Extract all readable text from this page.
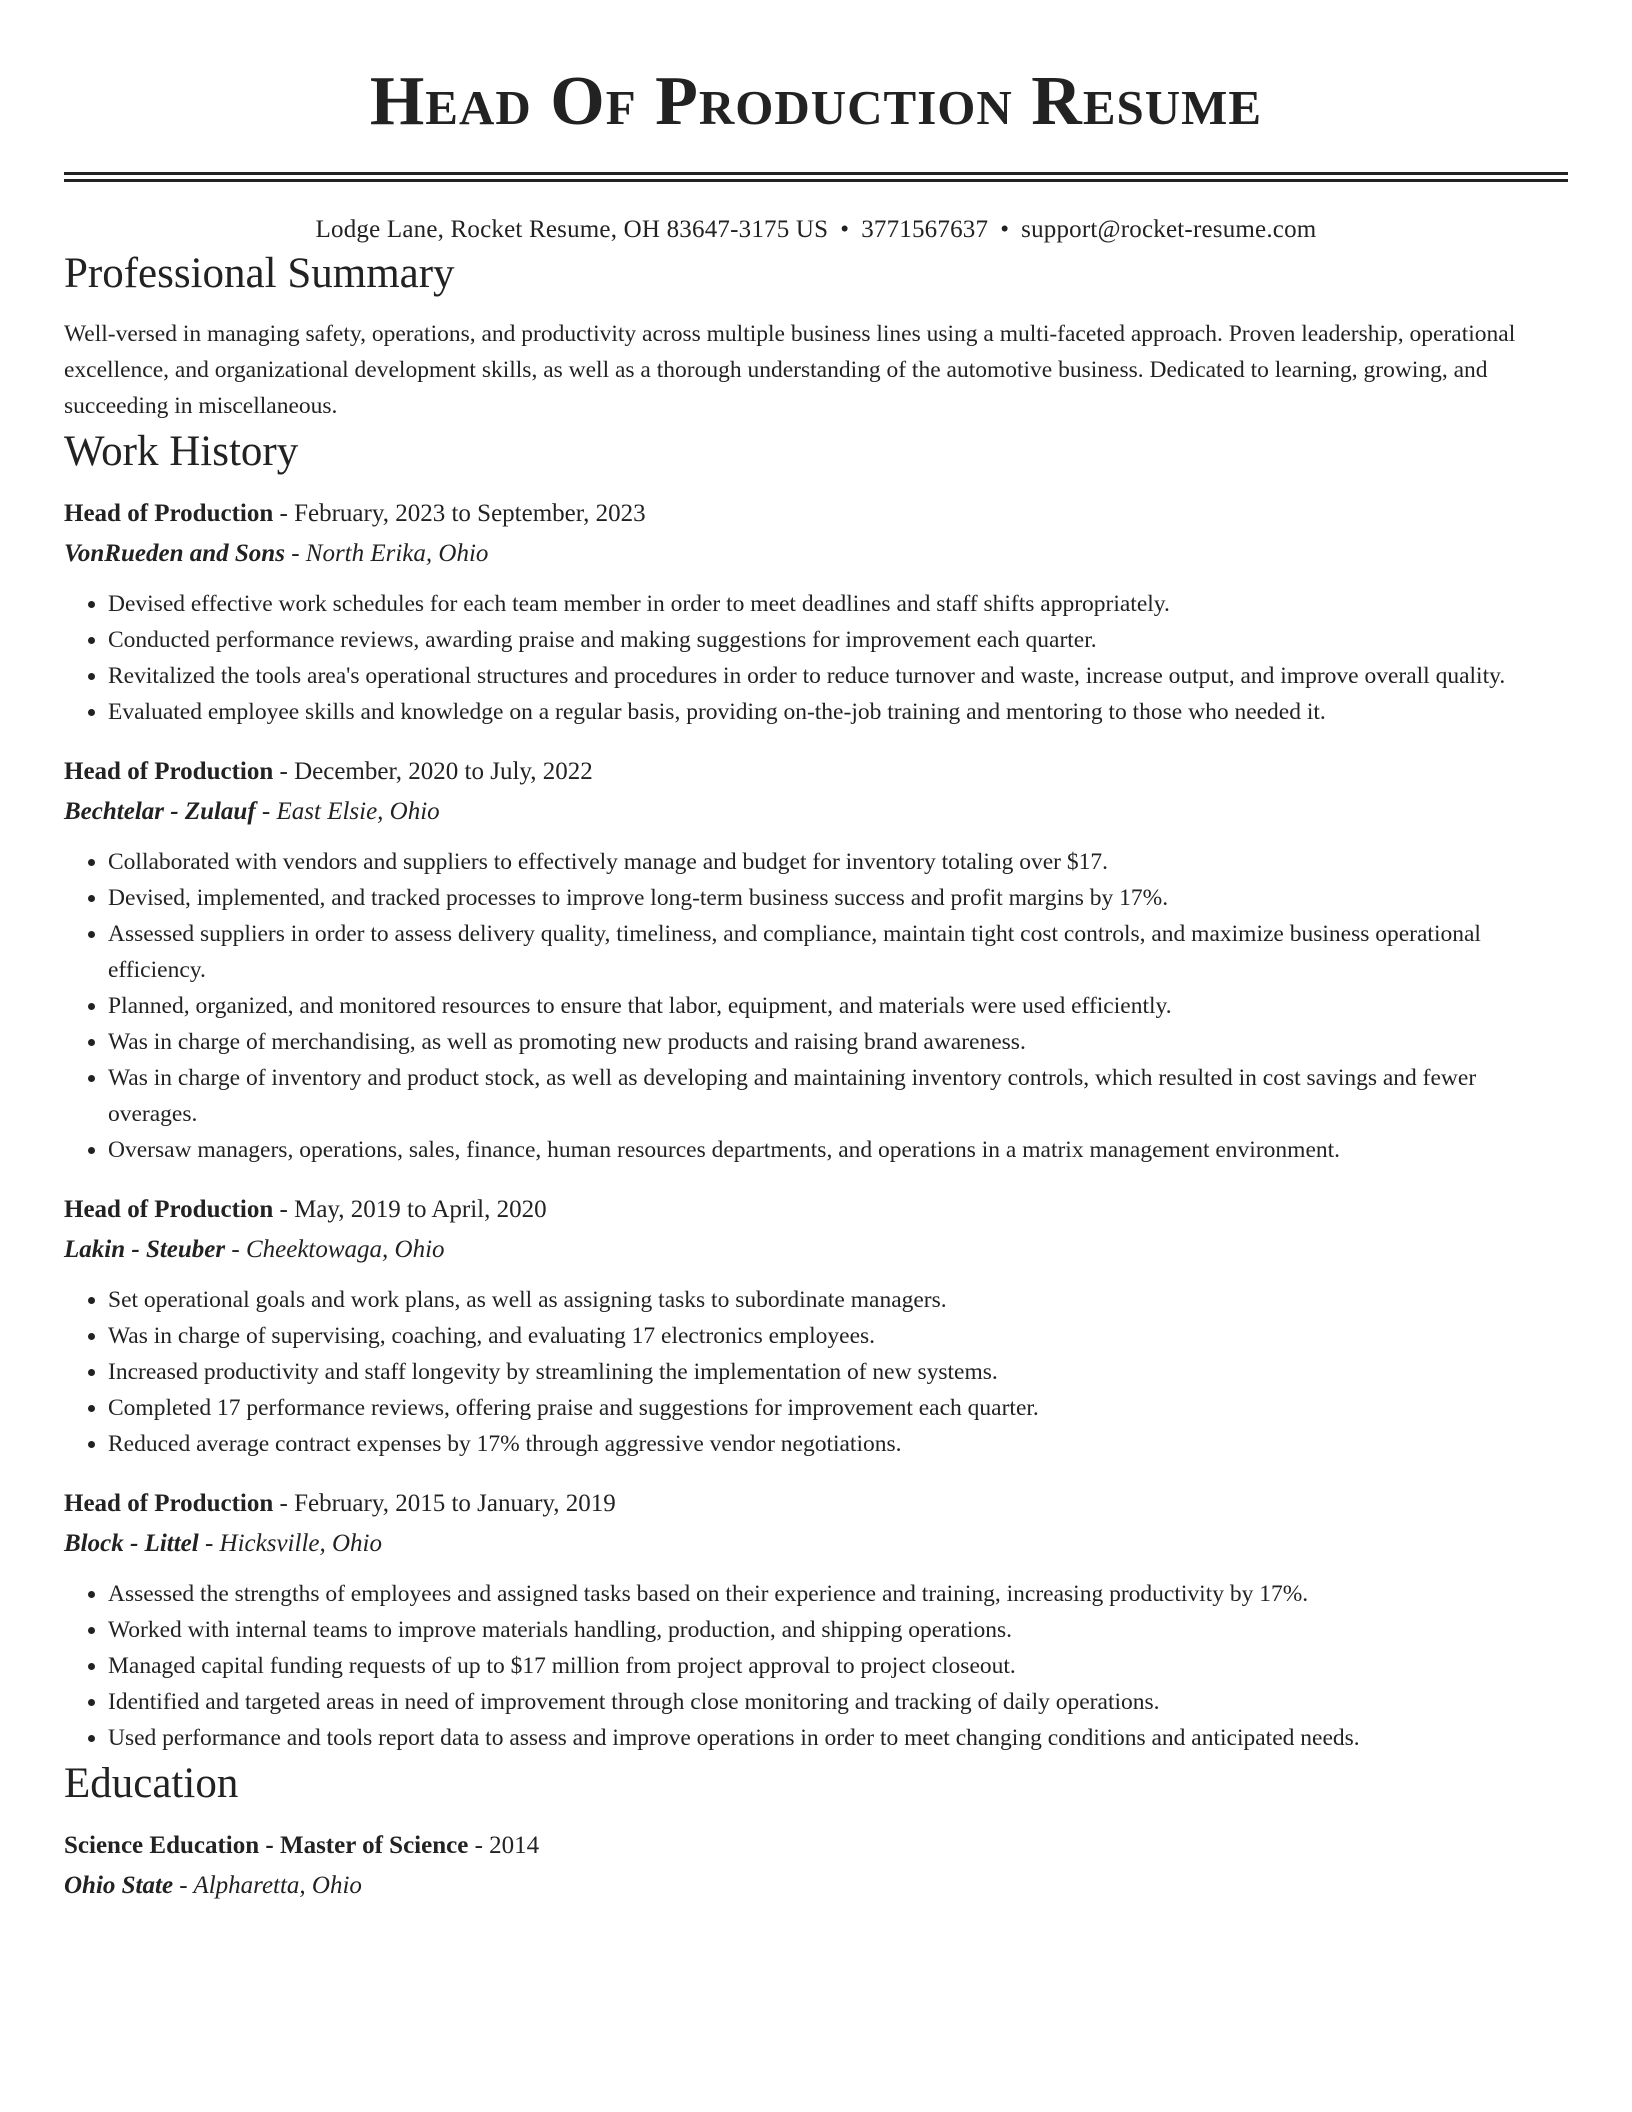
Head Of Production Resume
Lodge Lane, Rocket Resume, OH 83647-3175 US • 3771567637 • support@rocket-resume.com
Professional Summary
Well-versed in managing safety, operations, and productivity across multiple business lines using a multi-faceted approach. Proven leadership, operational excellence, and organizational development skills, as well as a thorough understanding of the automotive business. Dedicated to learning, growing, and succeeding in miscellaneous.
Work History
Head of Production - February, 2023 to September, 2023
VonRueden and Sons - North Erika, Ohio
• Devised effective work schedules for each team member in order to meet deadlines and staff shifts appropriately.
• Conducted performance reviews, awarding praise and making suggestions for improvement each quarter.
• Revitalized the tools area's operational structures and procedures in order to reduce turnover and waste, increase output, and improve overall quality.
• Evaluated employee skills and knowledge on a regular basis, providing on-the-job training and mentoring to those who needed it.
Head of Production - December, 2020 to July, 2022
Bechtelar - Zulauf - East Elsie, Ohio
• Collaborated with vendors and suppliers to effectively manage and budget for inventory totaling over $17.
• Devised, implemented, and tracked processes to improve long-term business success and profit margins by 17%.
• Assessed suppliers in order to assess delivery quality, timeliness, and compliance, maintain tight cost controls, and maximize business operational efficiency.
• Planned, organized, and monitored resources to ensure that labor, equipment, and materials were used efficiently.
• Was in charge of merchandising, as well as promoting new products and raising brand awareness.
• Was in charge of inventory and product stock, as well as developing and maintaining inventory controls, which resulted in cost savings and fewer overages.
• Oversaw managers, operations, sales, finance, human resources departments, and operations in a matrix management environment.
Head of Production - May, 2019 to April, 2020
Lakin - Steuber - Cheektowaga, Ohio
• Set operational goals and work plans, as well as assigning tasks to subordinate managers.
• Was in charge of supervising, coaching, and evaluating 17 electronics employees.
• Increased productivity and staff longevity by streamlining the implementation of new systems.
• Completed 17 performance reviews, offering praise and suggestions for improvement each quarter.
• Reduced average contract expenses by 17% through aggressive vendor negotiations.
Head of Production - February, 2015 to January, 2019
Block - Littel - Hicksville, Ohio
• Assessed the strengths of employees and assigned tasks based on their experience and training, increasing productivity by 17%.
• Worked with internal teams to improve materials handling, production, and shipping operations.
• Managed capital funding requests of up to $17 million from project approval to project closeout.
• Identified and targeted areas in need of improvement through close monitoring and tracking of daily operations.
• Used performance and tools report data to assess and improve operations in order to meet changing conditions and anticipated needs.
Education
Science Education - Master of Science - 2014
Ohio State - Alpharetta, Ohio
